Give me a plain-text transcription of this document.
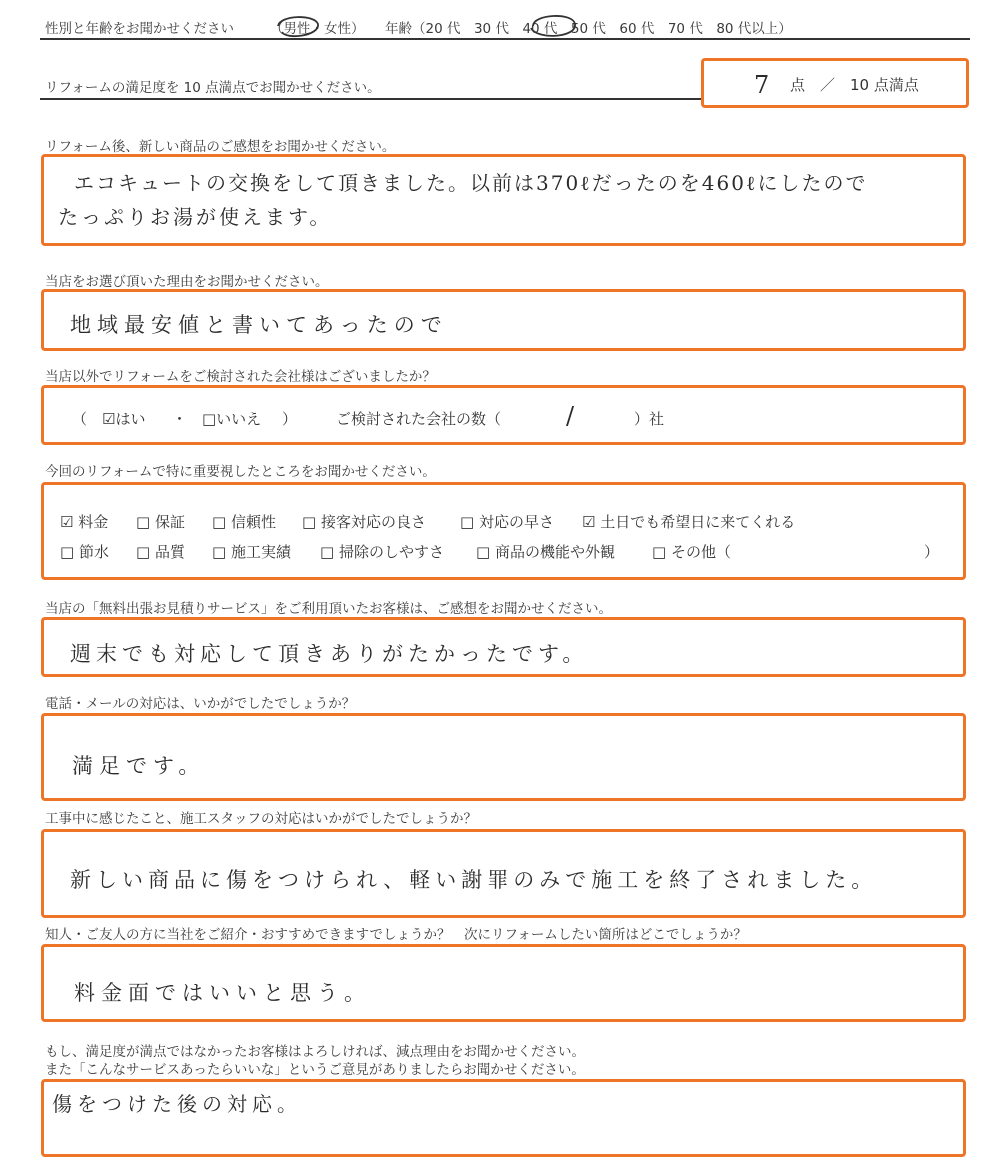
性別と年齢をお聞かせください	（男性・女性） 年齢（20 代　30 代　40 代　50 代　60 代　70 代　80 代以上）
リフォームの満足度を 10 点満点でお聞かせください。	7 点　／　10 点満点
リフォーム後、新しい商品のご感想をお聞かせください。
エコキュートの交換をして頂きました。以前は370ℓだったのを460ℓにしたので
たっぷりお湯が使えます。
当店をお選び頂いた理由をお聞かせください。
地域最安値と書いてあったので
当店以外でリフォームをご検討された会社様はございましたか？
（ ☑はい ・ □いいえ ）	ご検討された会社の数（	/	）社
今回のリフォームで特に重要視したところをお聞かせください。
☑ 料金 □ 保証 □ 信頼性 □ 接客対応の良さ □ 対応の早さ ☑ 土日でも希望日に来てくれる
□ 節水 □ 品質 □ 施工実績 □ 掃除のしやすさ □ 商品の機能や外観 □ その他（	）
当店の「無料出張お見積りサービス」をご利用頂いたお客様は、ご感想をお聞かせください。
週末でも対応して頂きありがたかったです。
電話・メールの対応は、いかがでしたでしょうか？
満足です。
工事中に感じたこと、施工スタッフの対応はいかがでしたでしょうか？
新しい商品に傷をつけられ、軽い謝罪のみで施工を終了されました。
知人・ご友人の方に当社をご紹介・おすすめできますでしょうか？　次にリフォームしたい箇所はどこでしょうか？
料金面ではいいと思う。
もし、満足度が満点ではなかったお客様はよろしければ、減点理由をお聞かせください。
また「こんなサービスあったらいいな」というご意見がありましたらお聞かせください。
傷をつけた後の対応。
